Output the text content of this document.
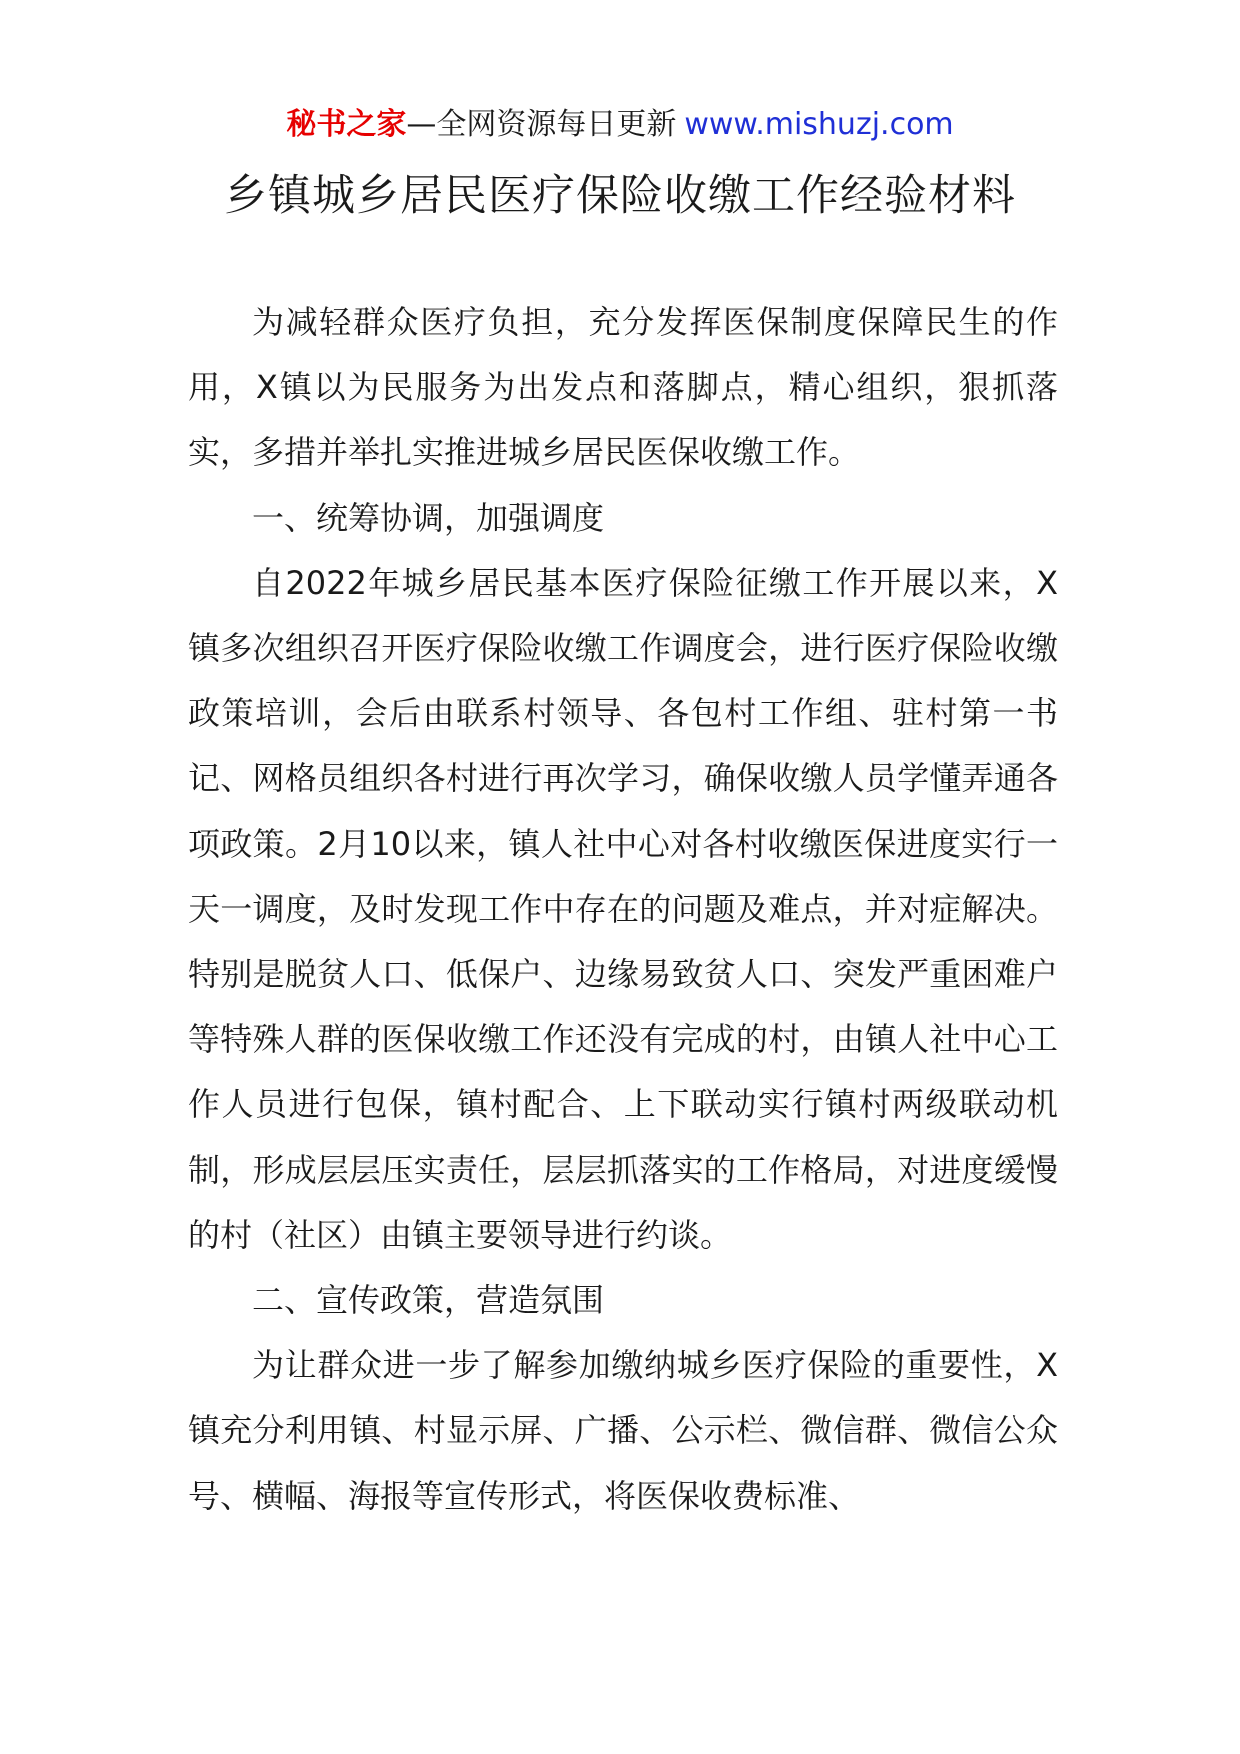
秘书之家—全网资源每日更新 www.mishuzj.com
乡镇城乡居民医疗保险收缴工作经验材料

为减轻群众医疗负担，充分发挥医保制度保障民生的作用，X镇以为民服务为出发点和落脚点，精心组织，狠抓落实，多措并举扎实推进城乡居民医保收缴工作。

一、统筹协调，加强调度

自2022年城乡居民基本医疗保险征缴工作开展以来，X镇多次组织召开医疗保险收缴工作调度会，进行医疗保险收缴政策培训，会后由联系村领导、各包村工作组、驻村第一书记、网格员组织各村进行再次学习，确保收缴人员学懂弄通各项政策。2月10以来，镇人社中心对各村收缴医保进度实行一天一调度，及时发现工作中存在的问题及难点，并对症解决。特别是脱贫人口、低保户、边缘易致贫人口、突发严重困难户等特殊人群的医保收缴工作还没有完成的村，由镇人社中心工作人员进行包保，镇村配合、上下联动实行镇村两级联动机制，形成层层压实责任，层层抓落实的工作格局，对进度缓慢的村（社区）由镇主要领导进行约谈。

二、宣传政策，营造氛围

为让群众进一步了解参加缴纳城乡医疗保险的重要性，X镇充分利用镇、村显示屏、广播、公示栏、微信群、微信公众号、横幅、海报等宣传形式，将医保收费标准、
